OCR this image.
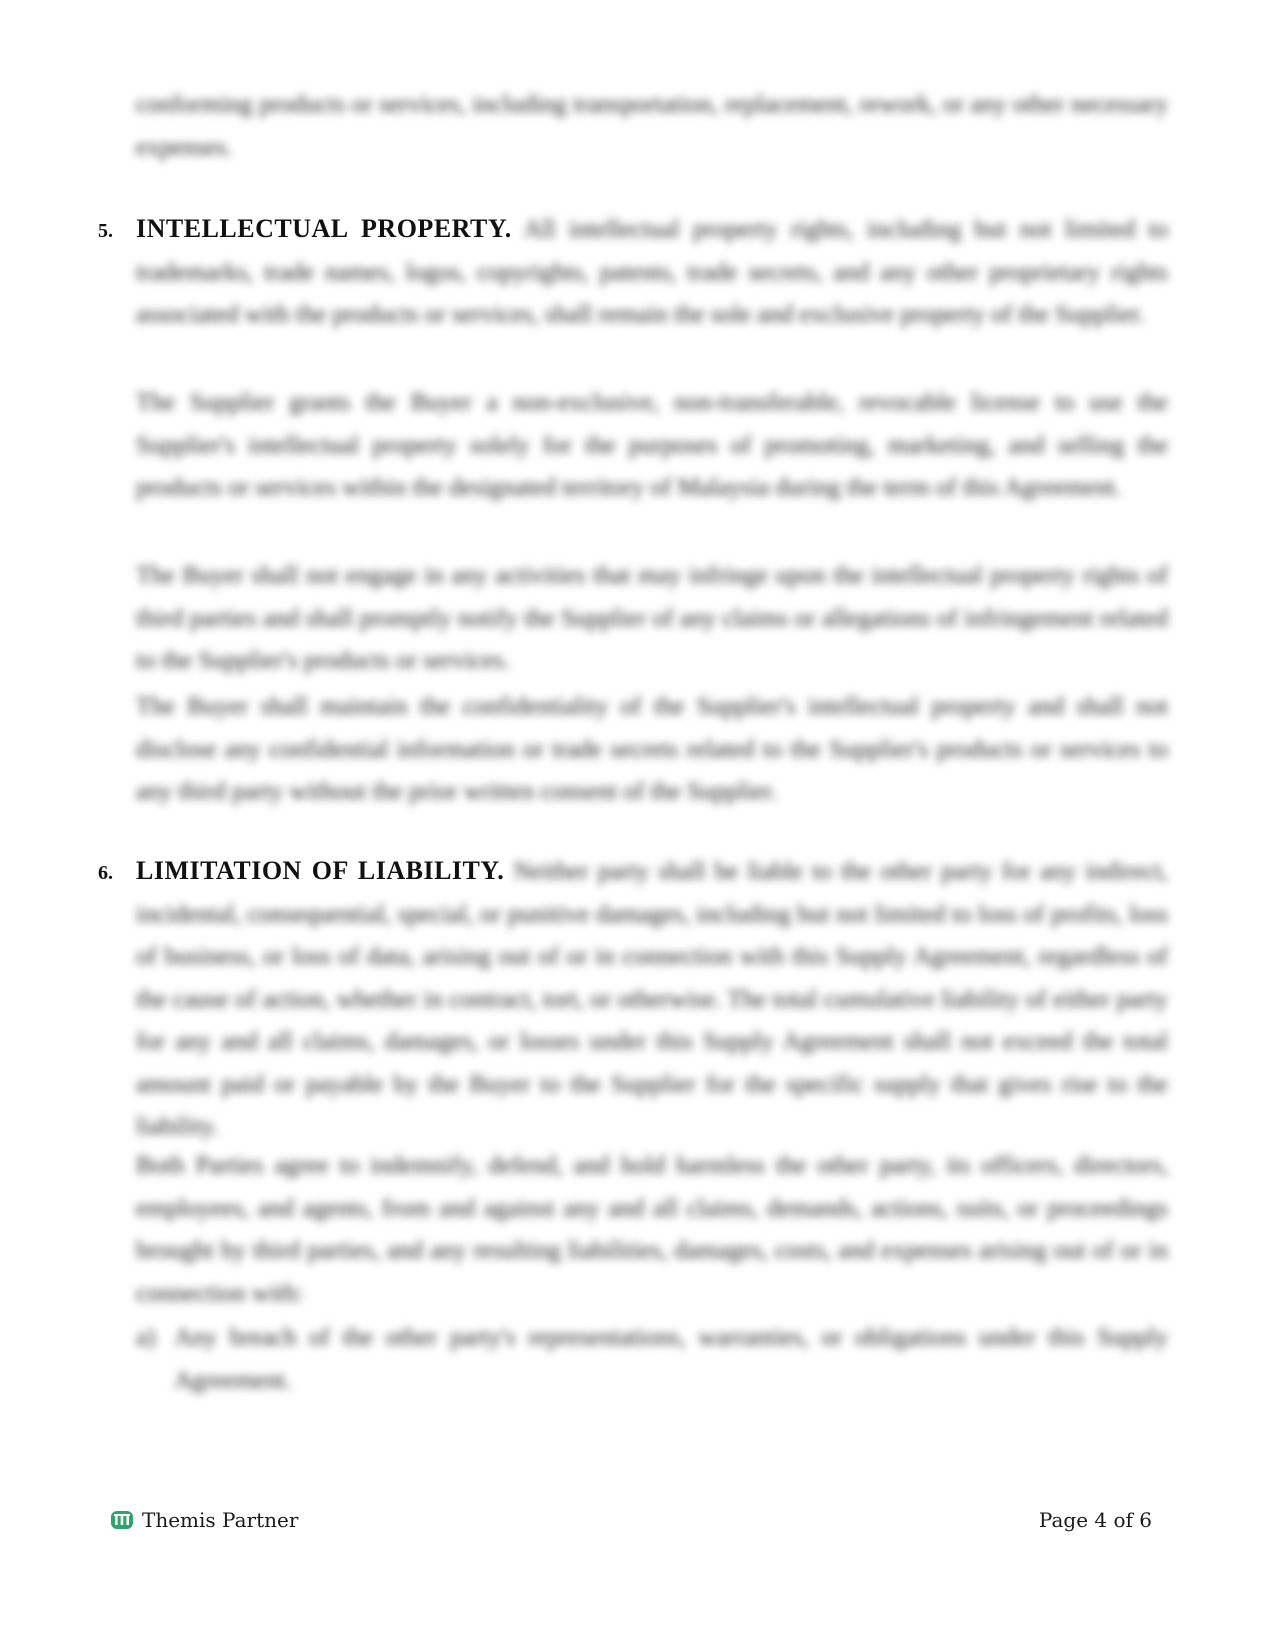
conforming products or services, including transportation, replacement, rework, or any other necessary expenses.

5. INTELLECTUAL PROPERTY. All intellectual property rights, including but not limited to trademarks, trade names, logos, copyrights, patents, trade secrets, and any other proprietary rights associated with the products or services, shall remain the sole and exclusive property of the Supplier.

The Supplier grants the Buyer a non-exclusive, non-transferable, revocable license to use the Supplier's intellectual property solely for the purposes of promoting, marketing, and selling the products or services within the designated territory of Malaysia during the term of this Agreement.

The Buyer shall not engage in any activities that may infringe upon the intellectual property rights of third parties and shall promptly notify the Supplier of any claims or allegations of infringement related to the Supplier's products or services.

The Buyer shall maintain the confidentiality of the Supplier's intellectual property and shall not disclose any confidential information or trade secrets related to the Supplier's products or services to any third party without the prior written consent of the Supplier.

6. LIMITATION OF LIABILITY. Neither party shall be liable to the other party for any indirect, incidental, consequential, special, or punitive damages, including but not limited to loss of profits, loss of business, or loss of data, arising out of or in connection with this Supply Agreement, regardless of the cause of action, whether in contract, tort, or otherwise. The total cumulative liability of either party for any and all claims, damages, or losses under this Supply Agreement shall not exceed the total amount paid or payable by the Buyer to the Supplier for the specific supply that gives rise to the liability.

Both Parties agree to indemnify, defend, and hold harmless the other party, its officers, directors, employees, and agents, from and against any and all claims, demands, actions, suits, or proceedings brought by third parties, and any resulting liabilities, damages, costs, and expenses arising out of or in connection with:

a) Any breach of the other party's representations, warranties, or obligations under this Supply Agreement.
Themis Partner	Page 4 of 6
